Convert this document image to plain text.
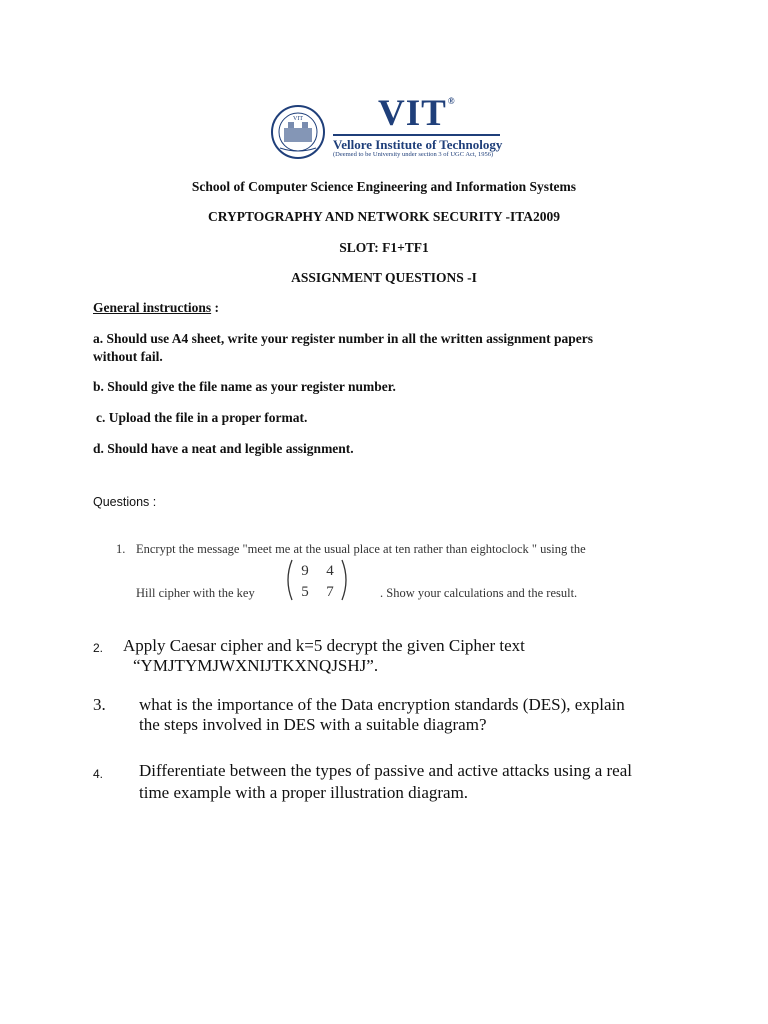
VIT VIT®
Vellore Institute of Technology
(Deemed to be University under section 3 of UGC Act, 1956)
School of Computer Science Engineering and Information Systems
CRYPTOGRAPHY AND NETWORK SECURITY -ITA2009
SLOT: F1+TF1
ASSIGNMENT QUESTIONS -I
General instructions :
a. Should use A4 sheet, write your register number in all the written assignment papers
without fail.
b. Should give the file name as your register number.
c. Upload the file in a proper format.
d. Should have a neat and legible assignment.
Questions :
1. Encrypt the message "meet me at the usual place at ten rather than eightoclock " using the
Hill cipher with the key
9 4
5 7	. Show your calculations and the result.
2. Apply Caesar cipher and k=5 decrypt the given Cipher text
“YMJTYMJWXNIJTKXNQJSHJ”.
3. what is the importance of the Data encryption standards (DES), explain
the steps involved in DES with a suitable diagram?
4. Differentiate between the types of passive and active attacks using a real
time example with a proper illustration diagram.
